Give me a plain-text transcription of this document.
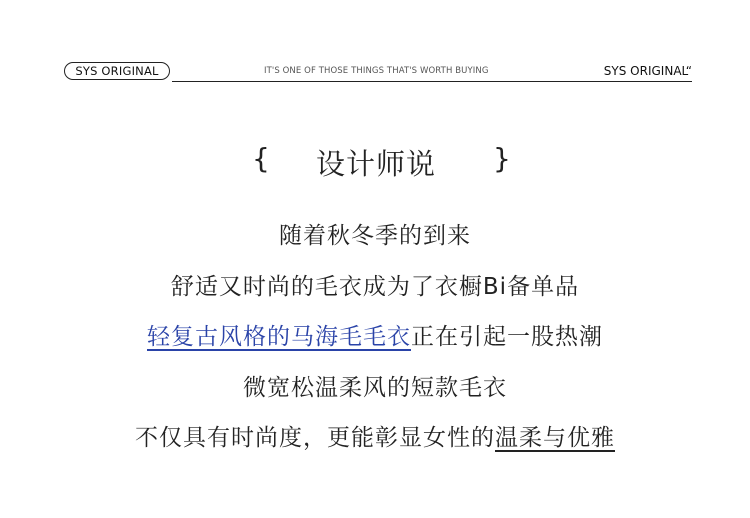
SYS ORIGINAL	IT'S ONE OF THOSE THINGS THAT'S WORTH BUYING	SYS ORIGINAL“
{ 设计师说 }
随着秋冬季的到来
舒适又时尚的毛衣成为了衣橱Bi备单品
轻复古风格的马海毛毛衣正在引起一股热潮
微宽松温柔风的短款毛衣
不仅具有时尚度，更能彰显女性的温柔与优雅
